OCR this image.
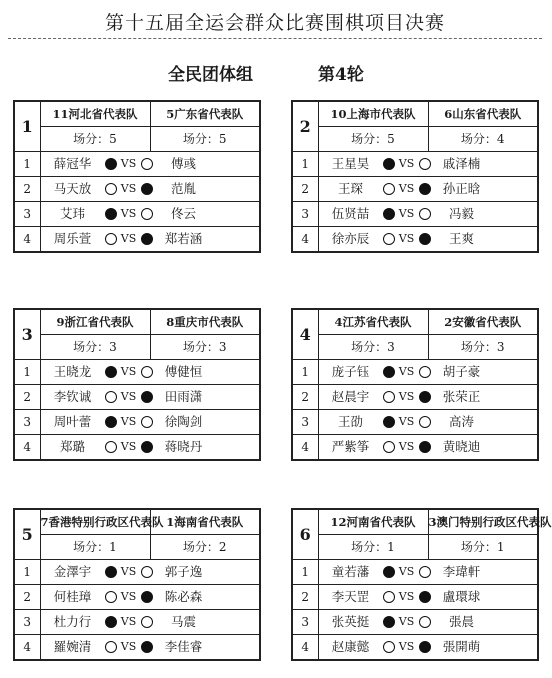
第十五届全运会群众比赛围棋项目决赛
全民团体组	第4轮
1	11河北省代表队	5广东省代表队
	场分：5	场分：5
1	薛冠华 VS 傅彧	

2	马天放 VS 范胤	

3	艾玮 VS 佟云	

4	周乐萱 VS 郑若涵	
2	10上海市代表队	6山东省代表队
	场分：5	场分：4
1	王星昊 VS 戚泽楠	

2	王琛 VS 孙正晗	

3	伍贤喆 VS 冯毅	

4	徐亦辰 VS 王爽	
3	9浙江省代表队	8重庆市代表队
	场分：3	场分：3
1	王晓龙 VS 傅健恒	

2	李钦诚 VS 田雨潇	

3	周叶蕾 VS 徐陶剑	

4	郑璐 VS 蒋晓丹	
4	4江苏省代表队	2安徽省代表队
	场分：3	场分：3
1	庞子钰 VS 胡子豪	

2	赵晨宇 VS 张荣正	

3	王劭 VS 高涛	

4	严紫筝 VS 黄晓迪	
5	7香港特别行政区代表队	1海南省代表队
	场分：1	场分：2
1	金澤宇 VS 郭子逸	

2	何桂璋 VS 陈必森	

3	杜力行 VS 马震	

4	羅婉清 VS 李佳睿	
6	12河南省代表队	3澳门特别行政区代表队
	场分：1	场分：1
1	童若藩 VS 李瑋軒	

2	李天罡 VS 盧環球	

3	张英挺 VS 張晨	

4	赵康懿 VS 張開萌	
